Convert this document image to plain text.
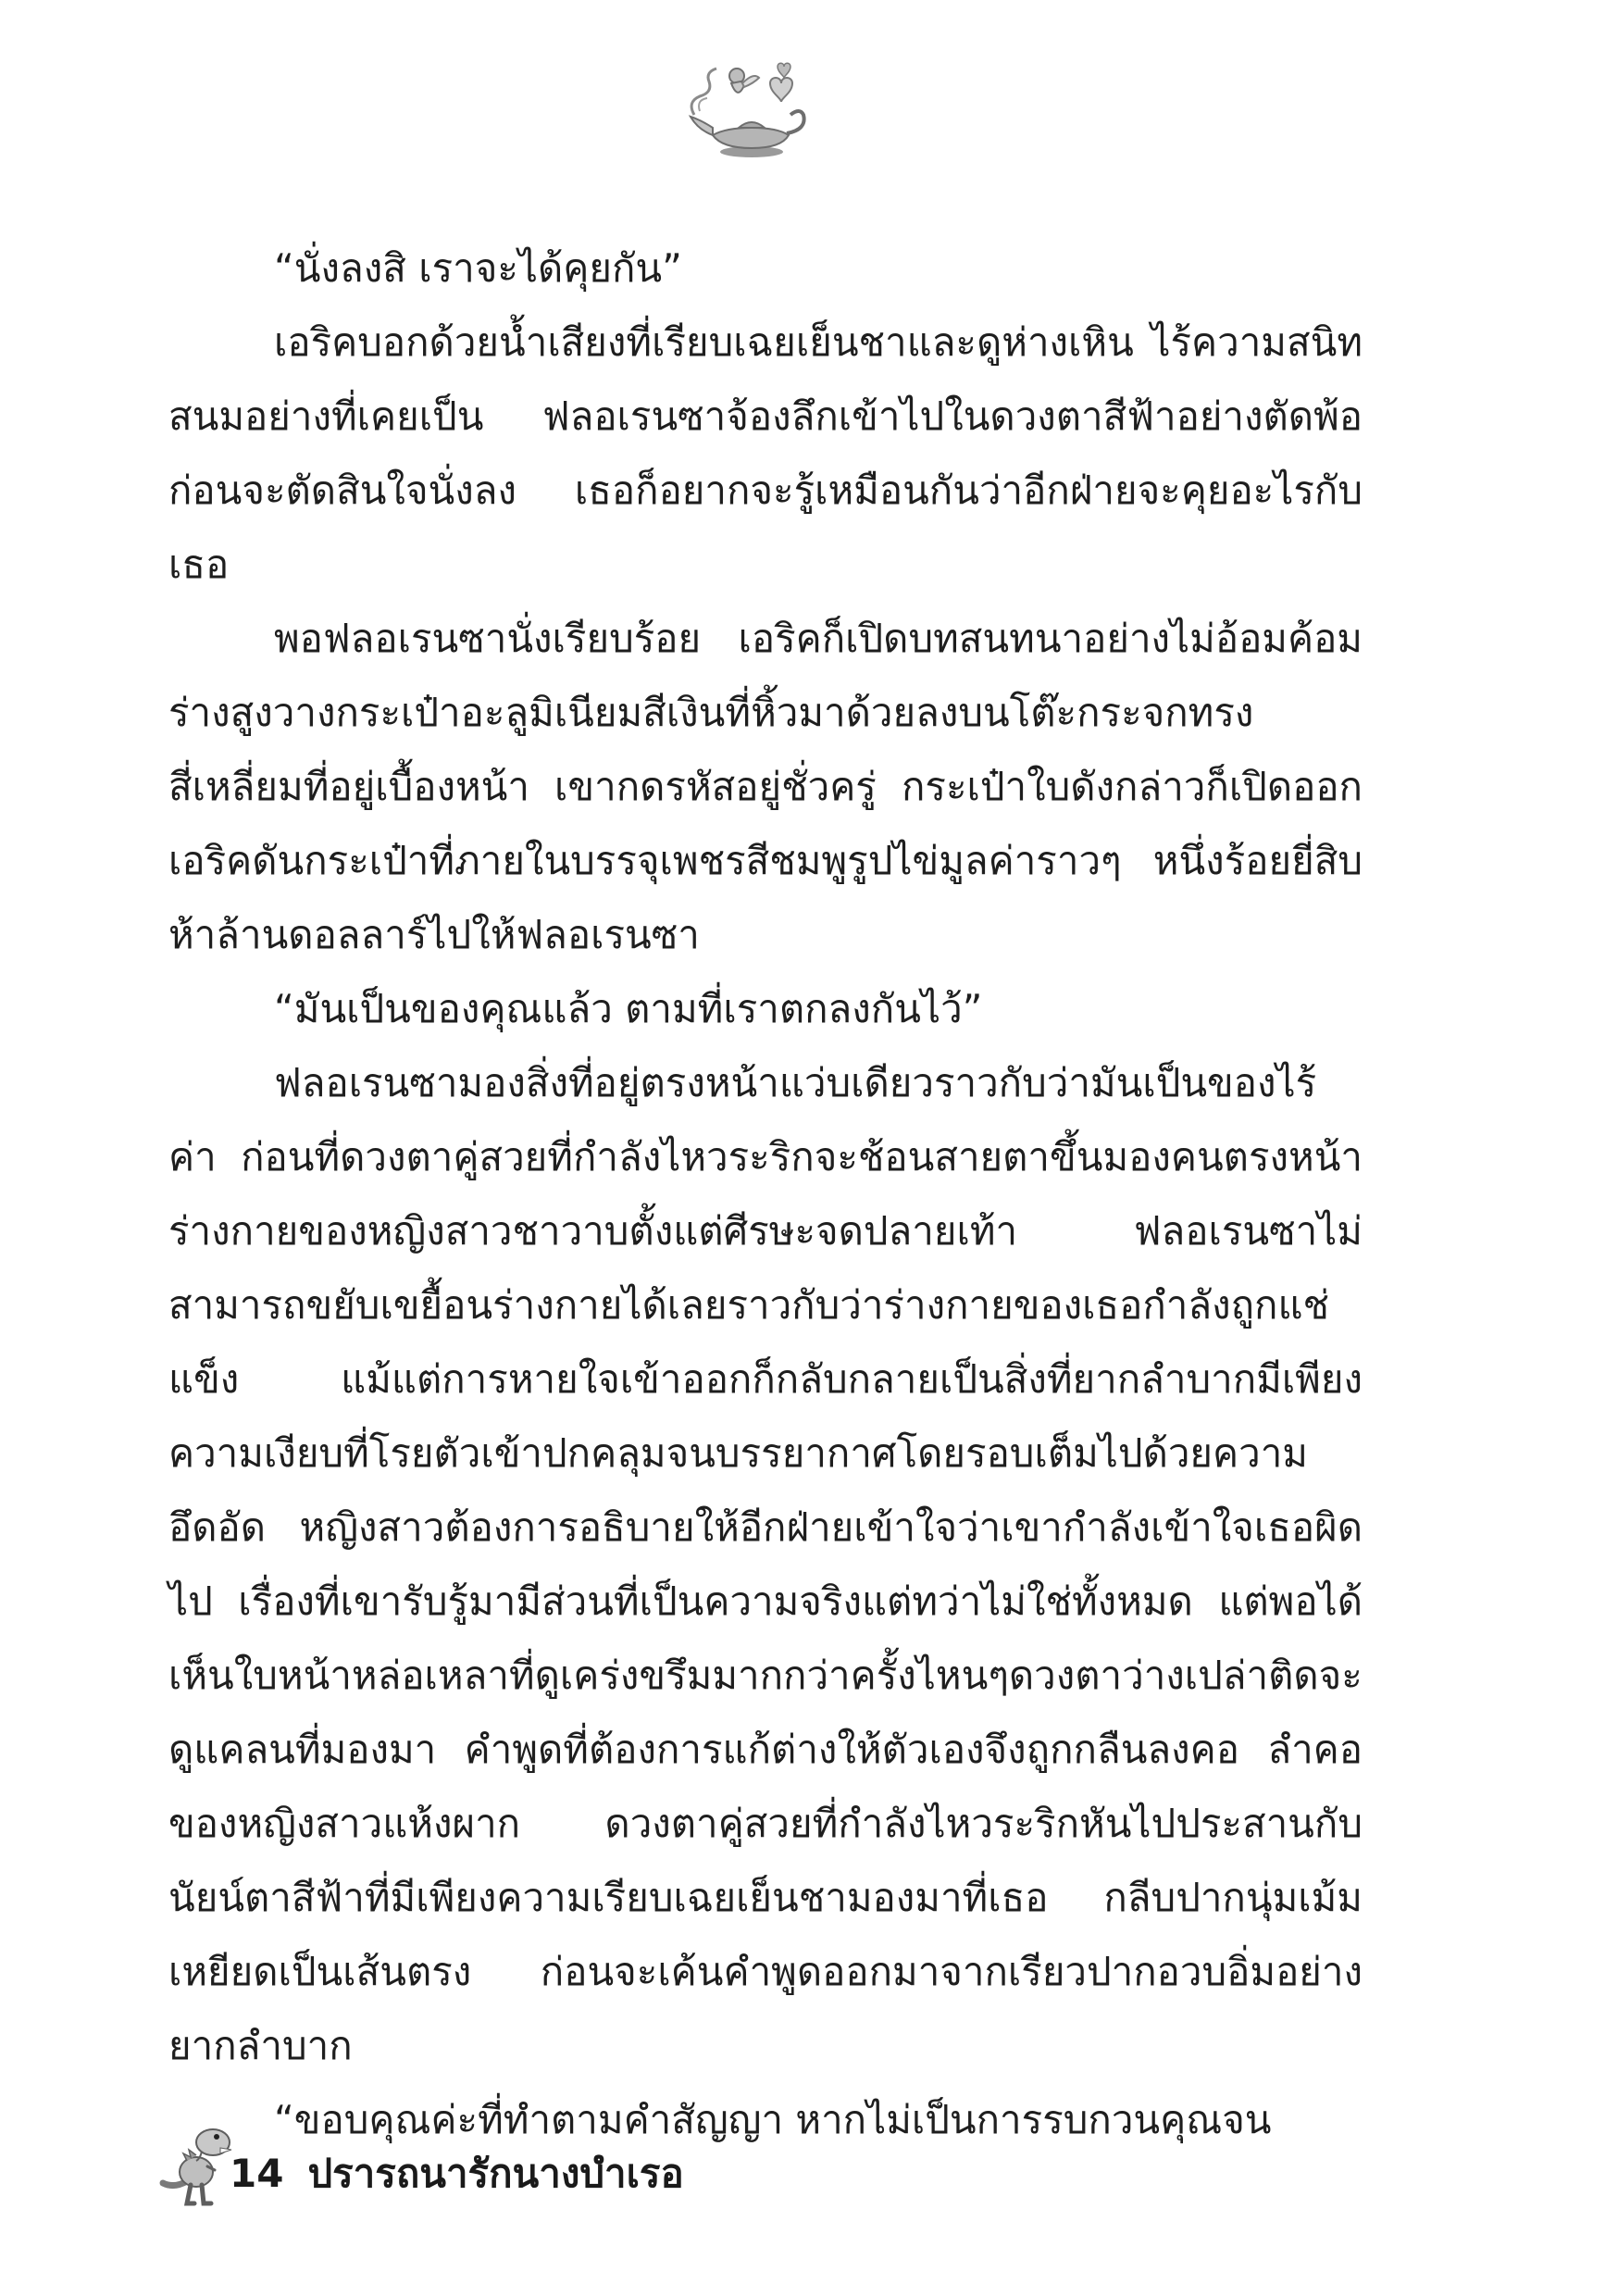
“นั่งลงสิ เราจะได้คุยกัน”

เอริคบอกด้วยน้ำเสียงที่เรียบเฉยเย็นชาและดูห่างเหิน ไร้ความสนิทสนมอย่างที่เคยเป็น ฟลอเรนซาจ้องลึกเข้าไปในดวงตาสีฟ้าอย่างตัดพ้อ ก่อนจะตัดสินใจนั่งลง เธอก็อยากจะรู้เหมือนกันว่าอีกฝ่ายจะคุยอะไรกับเธอ

พอฟลอเรนซานั่งเรียบร้อย เอริคก็เปิดบทสนทนาอย่างไม่อ้อมค้อม ร่างสูงวางกระเป๋าอะลูมิเนียมสีเงินที่หิ้วมาด้วยลงบนโต๊ะกระจกทรงสี่เหลี่ยมที่อยู่เบื้องหน้า เขากดรหัสอยู่ชั่วครู่ กระเป๋าใบดังกล่าวก็เปิดออก เอริคดันกระเป๋าที่ภายในบรรจุเพชรสีชมพูรูปไข่มูลค่าราวๆ หนึ่งร้อยยี่สิบห้าล้านดอลลาร์ไปให้ฟลอเรนซา

“มันเป็นของคุณแล้ว ตามที่เราตกลงกันไว้”

ฟลอเรนซามองสิ่งที่อยู่ตรงหน้าแว่บเดียวราวกับว่ามันเป็นของไร้ค่า ก่อนที่ดวงตาคู่สวยที่กำลังไหวระริกจะช้อนสายตาขึ้นมองคนตรงหน้า ร่างกายของหญิงสาวชาวาบตั้งแต่ศีรษะจดปลายเท้า ฟลอเรนซาไม่สามารถขยับเขยื้อนร่างกายได้เลยราวกับว่าร่างกายของเธอกำลังถูกแช่แข็ง แม้แต่การหายใจเข้าออกก็กลับกลายเป็นสิ่งที่ยากลำบากมีเพียงความเงียบที่โรยตัวเข้าปกคลุมจนบรรยากาศโดยรอบเต็มไปด้วยความอึดอัด หญิงสาวต้องการอธิบายให้อีกฝ่ายเข้าใจว่าเขากำลังเข้าใจเธอผิดไป เรื่องที่เขารับรู้มามีส่วนที่เป็นความจริงแต่ทว่าไม่ใช่ทั้งหมด แต่พอได้เห็นใบหน้าหล่อเหลาที่ดูเคร่งขรึมมากกว่าครั้งไหนๆดวงตาว่างเปล่าติดจะดูแคลนที่มองมา คำพูดที่ต้องการแก้ต่างให้ตัวเองจึงถูกกลืนลงคอ ลำคอของหญิงสาวแห้งผาก ดวงตาคู่สวยที่กำลังไหวระริกหันไปประสานกับนัยน์ตาสีฟ้าที่มีเพียงความเรียบเฉยเย็นชามองมาที่เธอ กลีบปากนุ่มเม้มเหยียดเป็นเส้นตรง ก่อนจะเค้นคำพูดออกมาจากเรียวปากอวบอิ่มอย่างยากลำบาก

“ขอบคุณค่ะที่ทำตามคำสัญญา หากไม่เป็นการรบกวนคุณจน

14 ปรารถนารักนางบำเรอ
